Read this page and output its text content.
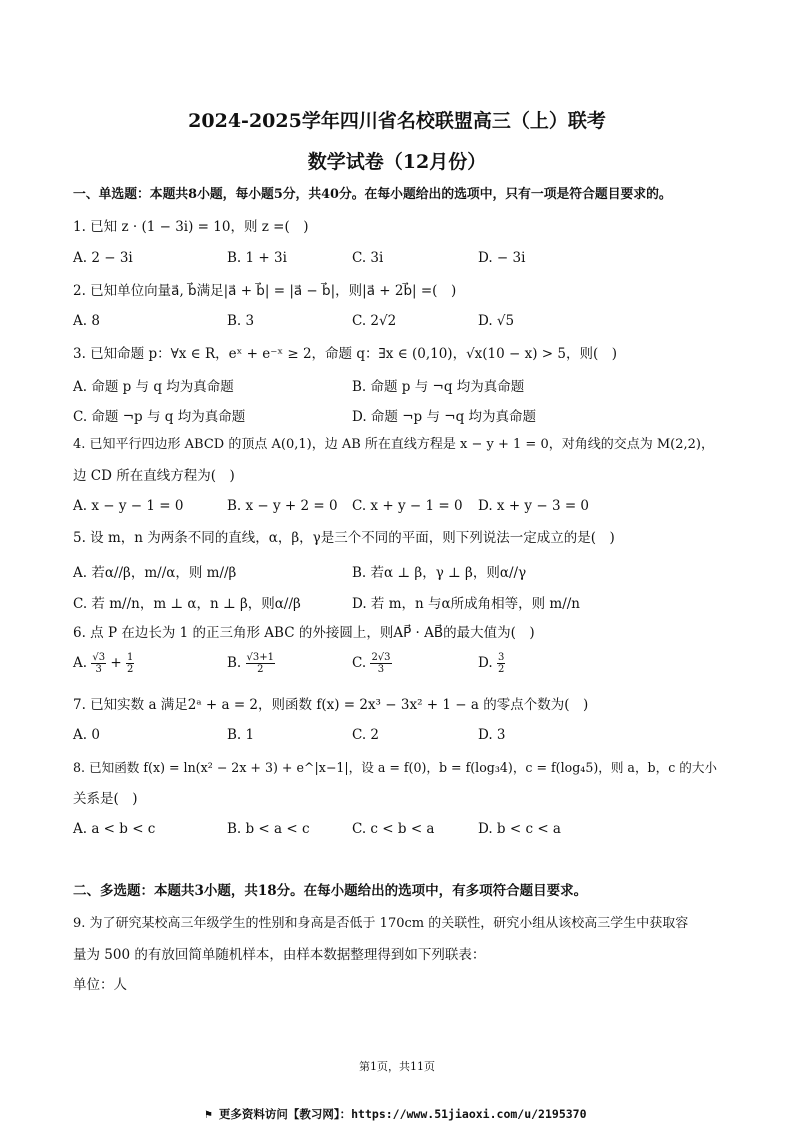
2024-2025学年四川省名校联盟高三（上）联考
数学试卷（12月份）
一、单选题：本题共8小题，每小题5分，共40分。在每小题给出的选项中，只有一项是符合题目要求的。
1. 已知 z · (1 − 3i) = 10，则 z =(　)
A. 2 − 3i	B. 1 + 3i	C. 3i	D. − 3i
2. 已知单位向量a⃗, b⃗满足|a⃗ + b⃗| = |a⃗ − b⃗|，则|a⃗ + 2b⃗| =(　)
A. 8	B. 3	C. 2√2	D. √5
3. 已知命题 p：∀x ∈ R，eˣ + e⁻ˣ ≥ 2，命题 q：∃x ∈ (0,10)，√x(10 − x) > 5，则(　)
A. 命题 p 与 q 均为真命题	B. 命题 p 与 ¬q 均为真命题
C. 命题 ¬p 与 q 均为真命题	D. 命题 ¬p 与 ¬q 均为真命题
4. 已知平行四边形 ABCD 的顶点 A(0,1)，边 AB 所在直线方程是 x − y + 1 = 0，对角线的交点为 M(2,2)，
边 CD 所在直线方程为(　)
A. x − y − 1 = 0	B. x − y + 2 = 0 C. x + y − 1 = 0 D. x + y − 3 = 0
5. 设 m，n 为两条不同的直线，α，β，γ是三个不同的平面，则下列说法一定成立的是(　)
A. 若α//β，m//α，则 m//β	B. 若α ⊥ β，γ ⊥ β，则α//γ
C. 若 m//n，m ⊥ α，n ⊥ β，则α//β	D. 若 m，n 与α所成角相等，则 m//n
6. 点 P 在边长为 1 的正三角形 ABC 的外接圆上，则AP⃗ · AB⃗的最大值为(　)
A. $\frac{√3}{3} + \frac{1}{2}$	B. $\frac{√3+1}{2}$	C. $\frac{2√3}{3}$	D. $\frac{3}{2}$
7. 已知实数 a 满足2ᵃ + a = 2，则函数 f(x) = 2x³ − 3x² + 1 − a 的零点个数为(　)
A. 0	B. 1	C. 2	D. 3
8. 已知函数 f(x) = ln(x² − 2x + 3) + e^|x−1|，设 a = f(0)，b = f(log₃4)，c = f(log₄5)，则 a，b，c 的大小
关系是(　)
A. a < b < c	B. b < a < c	C. c < b < a	D. b < c < a
二、多选题：本题共3小题，共18分。在每小题给出的选项中，有多项符合题目要求。
9. 为了研究某校高三年级学生的性别和身高是否低于 170cm 的关联性，研究小组从该校高三学生中获取容
量为 500 的有放回简单随机样本，由样本数据整理得到如下列联表：
单位：人
第1页，共11页
⚑ 更多资料访问【教习网】：https://www.51jiaoxi.com/u/2195370
